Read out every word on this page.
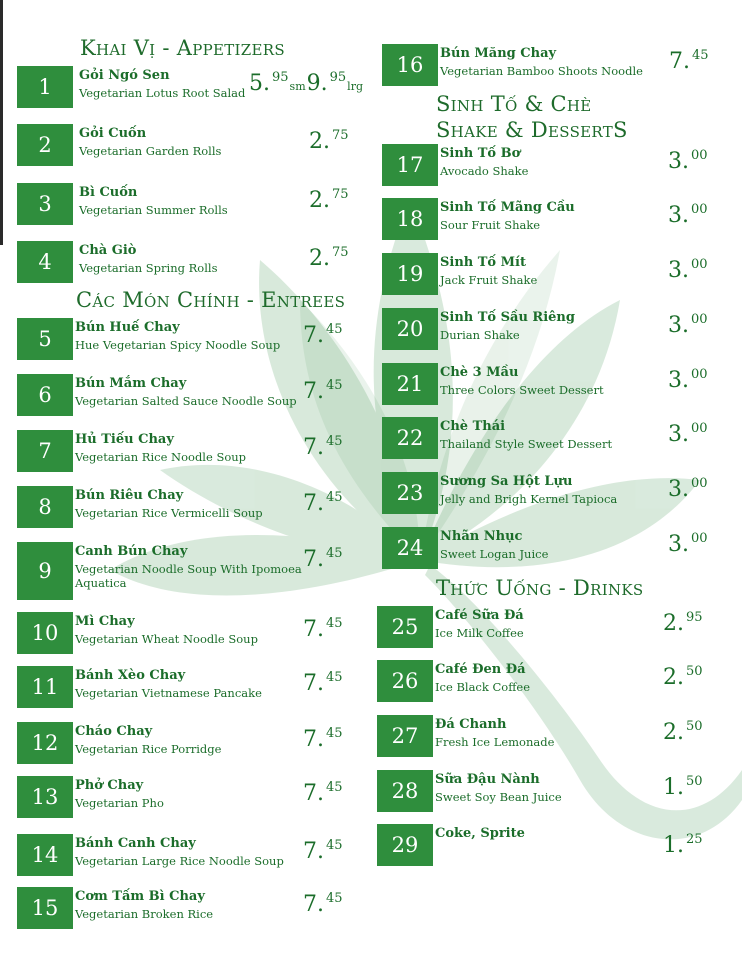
Khai Vị - Appetizers
Các Món Chính - Entrees
Sinh Tố & Chè
Shake & DessertS
Thức Uống - Drinks
1	Gỏi Ngó Sen
Vegetarian Lotus Root Salad 5. $^{95}$sm9. $^{95}$lrg
2	Gỏi Cuốn
Vegetarian Garden Rolls	2. $^{75}$
3	Bì Cuốn
Vegetarian Summer Rolls	2. $^{75}$
4	Chà Giò
Vegetarian Spring Rolls	2. $^{75}$
5	Bún Huế Chay
Hue Vegetarian Spicy Noodle Soup 7. $^{45}$
6	Bún Mắm Chay
Vegetarian Salted Sauce Noodle Soup 7. $^{45}$
7	Hủ Tiếu Chay
Vegetarian Rice Noodle Soup	7. $^{45}$
8	Bún Riêu Chay
Vegetarian Rice Vermicelli Soup 7. $^{45}$
9
Canh Bún Chay
Vegetarian Noodle Soup With Ipomoea Aquatica
7. $^{45}$
10	Mì Chay
Vegetarian Wheat Noodle Soup 7. $^{45}$
11	Bánh Xèo Chay
Vegetarian Vietnamese Pancake 7. $^{45}$
12	Cháo Chay
Vegetarian Rice Porridge	7. $^{45}$
13	Phở Chay
Vegetarian Pho	7. $^{45}$
14	Bánh Canh Chay
Vegetarian Large Rice Noodle Soup 7. $^{45}$
15	Cơm Tấm Bì Chay
Vegetarian Broken Rice	7. $^{45}$
16	Bún Măng Chay
Vegetarian Bamboo Shoots Noodle 7. $^{45}$
17	Sinh Tố Bơ
Avocado Shake	3. $^{00}$
18	Sinh Tố Mãng Cầu
Sour Fruit Shake	3. $^{00}$
19	Sinh Tố Mít
Jack Fruit Shake	3. $^{00}$
20	Sinh Tố Sầu Riêng
Durian Shake	3. $^{00}$
21	Chè 3 Mầu
Three Colors Sweet Dessert	3. $^{00}$
22	Chè Thái
Thailand Style Sweet Dessert	3. $^{00}$
23	Sương Sa Hột Lựu
Jelly and Brigh Kernel Tapioca 3. $^{00}$
24	Nhãn Nhục
Sweet Logan Juice	3. $^{00}$
25	Café Sữa Đá
Ice Milk Coffee	2. $^{95}$
26	Café Đen Đá
Ice Black Coffee	2. $^{50}$
27	Đá Chanh
Fresh Ice Lemonade	2. $^{50}$
28	Sữa Đậu Nành
Sweet Soy Bean Juice	1. $^{50}$
29	Coke, Sprite	1. $^{25}$
